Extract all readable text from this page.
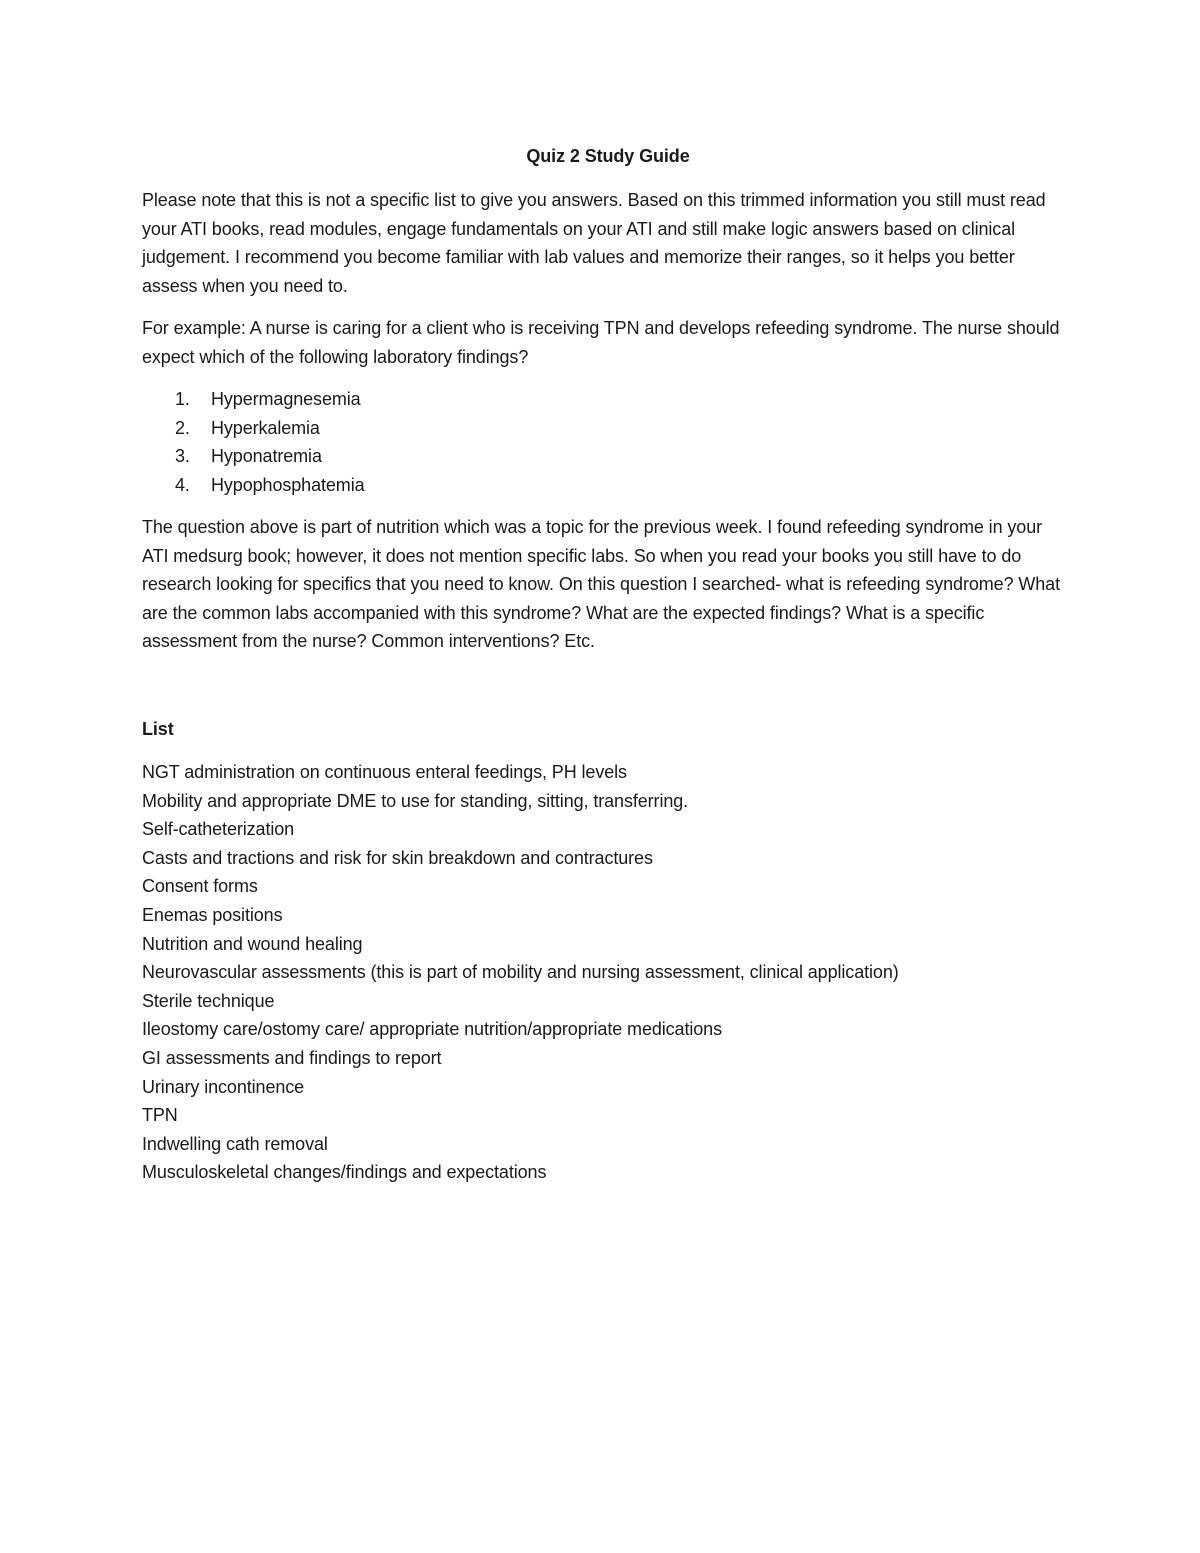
Quiz 2 Study Guide

Please note that this is not a specific list to give you answers. Based on this trimmed information you still must read your ATI books, read modules, engage fundamentals on your ATI and still make logic answers based on clinical judgement. I recommend you become familiar with lab values and memorize their ranges, so it helps you better assess when you need to.

For example: A nurse is caring for a client who is receiving TPN and develops refeeding syndrome. The nurse should expect which of the following laboratory findings?

1.	Hypermagnesemia
2.	Hyperkalemia
3.	Hyponatremia
4.	Hypophosphatemia

The question above is part of nutrition which was a topic for the previous week. I found refeeding syndrome in your ATI medsurg book; however, it does not mention specific labs. So when you read your books you still have to do research looking for specifics that you need to know. On this question I searched- what is refeeding syndrome? What are the common labs accompanied with this syndrome? What are the expected findings? What is a specific assessment from the nurse? Common interventions? Etc.

List
NGT administration on continuous enteral feedings, PH levels
Mobility and appropriate DME to use for standing, sitting, transferring.
Self-catheterization
Casts and tractions and risk for skin breakdown and contractures
Consent forms
Enemas positions
Nutrition and wound healing
Neurovascular assessments (this is part of mobility and nursing assessment, clinical application)
Sterile technique
Ileostomy care/ostomy care/ appropriate nutrition/appropriate medications
GI assessments and findings to report
Urinary incontinence
TPN
Indwelling cath removal
Musculoskeletal changes/findings and expectations
